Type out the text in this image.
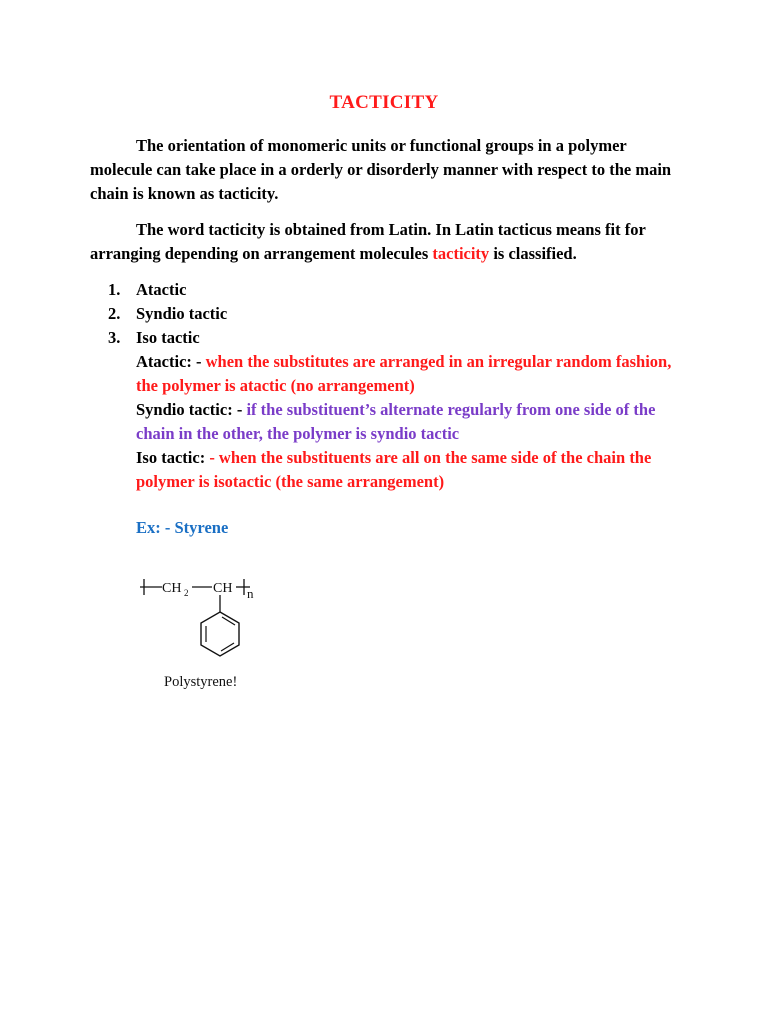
TACTICITY
The orientation of monomeric units or functional groups in a polymer molecule can take place in a orderly or disorderly manner with respect to the main chain is known as tacticity.
The word tacticity is obtained from Latin. In Latin tacticus means fit for arranging depending on arrangement molecules tacticity is classified.
1. Atactic
2. Syndio tactic
3. Iso tactic
Atactic: - when the substitutes are arranged in an irregular random fashion, the polymer is atactic (no arrangement)
Syndio tactic: - if the substituent’s alternate regularly from one side of the chain in the other, the polymer is syndio tactic
Iso tactic: - when the substituents are all on the same side of the chain the polymer is isotactic (the same arrangement)
Ex: - Styrene
CH 2 CH n
Polystyrene!
